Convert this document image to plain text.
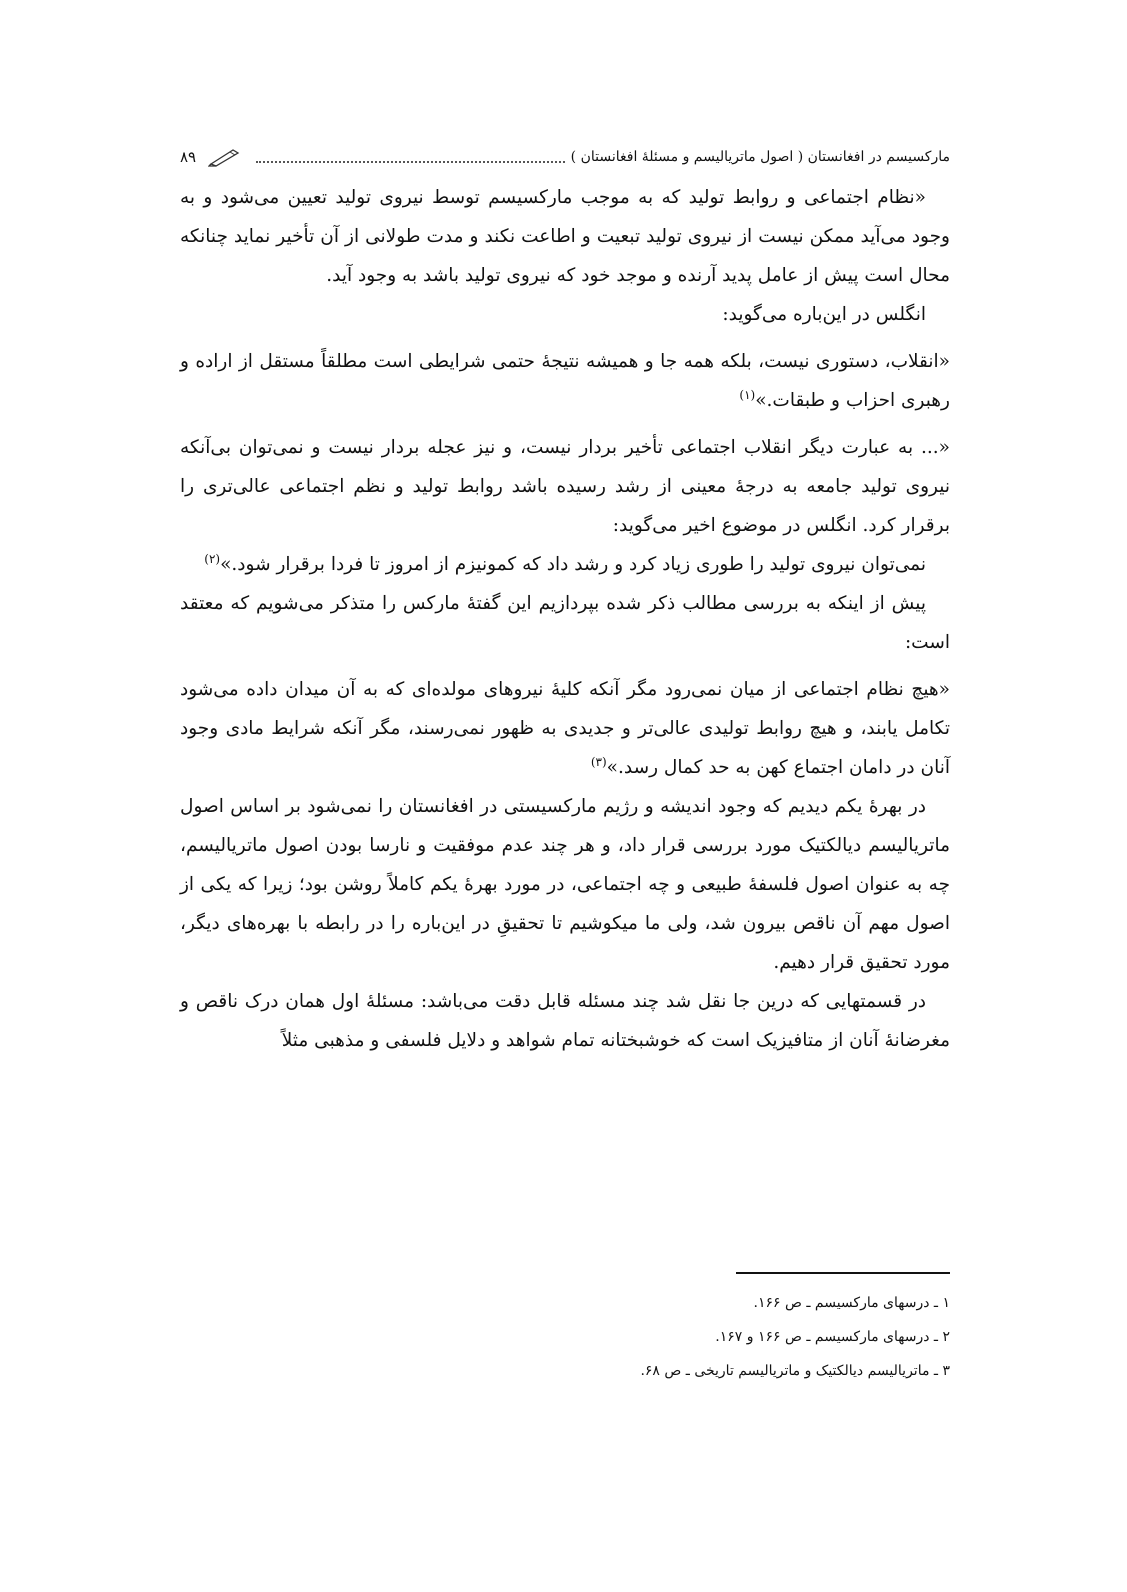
مارکسیسم در افغانستان ( اصول ماتریالیسم و مسئلهٔ افغانستان )
۸۹

«نظام اجتماعی و روابط تولید که به موجب مارکسیسم توسط نیروی تولید تعیین می‌شود و به وجود می‌آید ممکن نیست از نیروی تولید تبعیت و اطاعت نکند و مدت طولانی از آن تأخیر نماید چنانکه محال است پیش از عامل پدید آرنده و موجد خود که نیروی تولید باشد به وجود آید.

انگلس در این‌باره می‌گوید:

«انقلاب، دستوری نیست، بلکه همه جا و همیشه نتیجهٔ حتمی شرایطی است مطلقاً مستقل از اراده و رهبری احزاب و طبقات.»$^{(۱)}$

«... به عبارت دیگر انقلاب اجتماعی تأخیر بردار نیست، و نیز عجله بردار نیست و نمی‌توان بی‌آنکه نیروی تولید جامعه به درجهٔ معینی از رشد رسیده باشد روابط تولید و نظم اجتماعی عالی‌تری را برقرار کرد. انگلس در موضوع اخیر می‌گوید:

نمی‌توان نیروی تولید را طوری زیاد کرد و رشد داد که کمونیزم از امروز تا فردا برقرار شود.»$^{(۲)}$

پیش از اینکه به بررسی مطالب ذکر شده بپردازیم این گفتهٔ مارکس را متذکر می‌شویم که معتقد است:

«هیچ نظام اجتماعی از میان نمی‌رود مگر آنکه کلیهٔ نیروهای مولده‌ای که به آن میدان داده می‌شود تکامل یابند، و هیچ روابط تولیدی عالی‌تر و جدیدی به ظهور نمی‌رسند، مگر آنکه شرایط مادی وجود آنان در دامان اجتماع کهن به حد کمال رسد.»$^{(۳)}$

در بهرهٔ یکم دیدیم که وجود اندیشه و رژیم مارکسیستی در افغانستان را نمی‌شود بر اساس اصول ماتریالیسم دیالکتیک مورد بررسی قرار داد، و هر چند عدم موفقیت و نارسا بودن اصول ماتریالیسم، چه به عنوان اصول فلسفهٔ طبیعی و چه اجتماعی، در مورد بهرهٔ یکم کاملاً روشن بود؛ زیرا که یکی از اصول مهم آن ناقص بیرون شد، ولی ما میکوشیم تا تحقیقِ در این‌باره را در رابطه با بهره‌های دیگر، مورد تحقیق قرار دهیم.

در قسمتهایی که درین جا نقل شد چند مسئله قابل دقت می‌باشد: مسئلهٔ اول همان درک ناقص و مغرضانهٔ آنان از متافیزیک است که خوشبختانه تمام شواهد و دلایل فلسفی و مذهبی مثلاً

۱ ـ درسهای مارکسیسم ـ ص ۱۶۶.

۲ ـ درسهای مارکسیسم ـ ص ۱۶۶ و ۱۶۷.

۳ ـ ماتریالیسم دیالکتیک و ماتریالیسم تاریخی ـ ص ۶۸.
